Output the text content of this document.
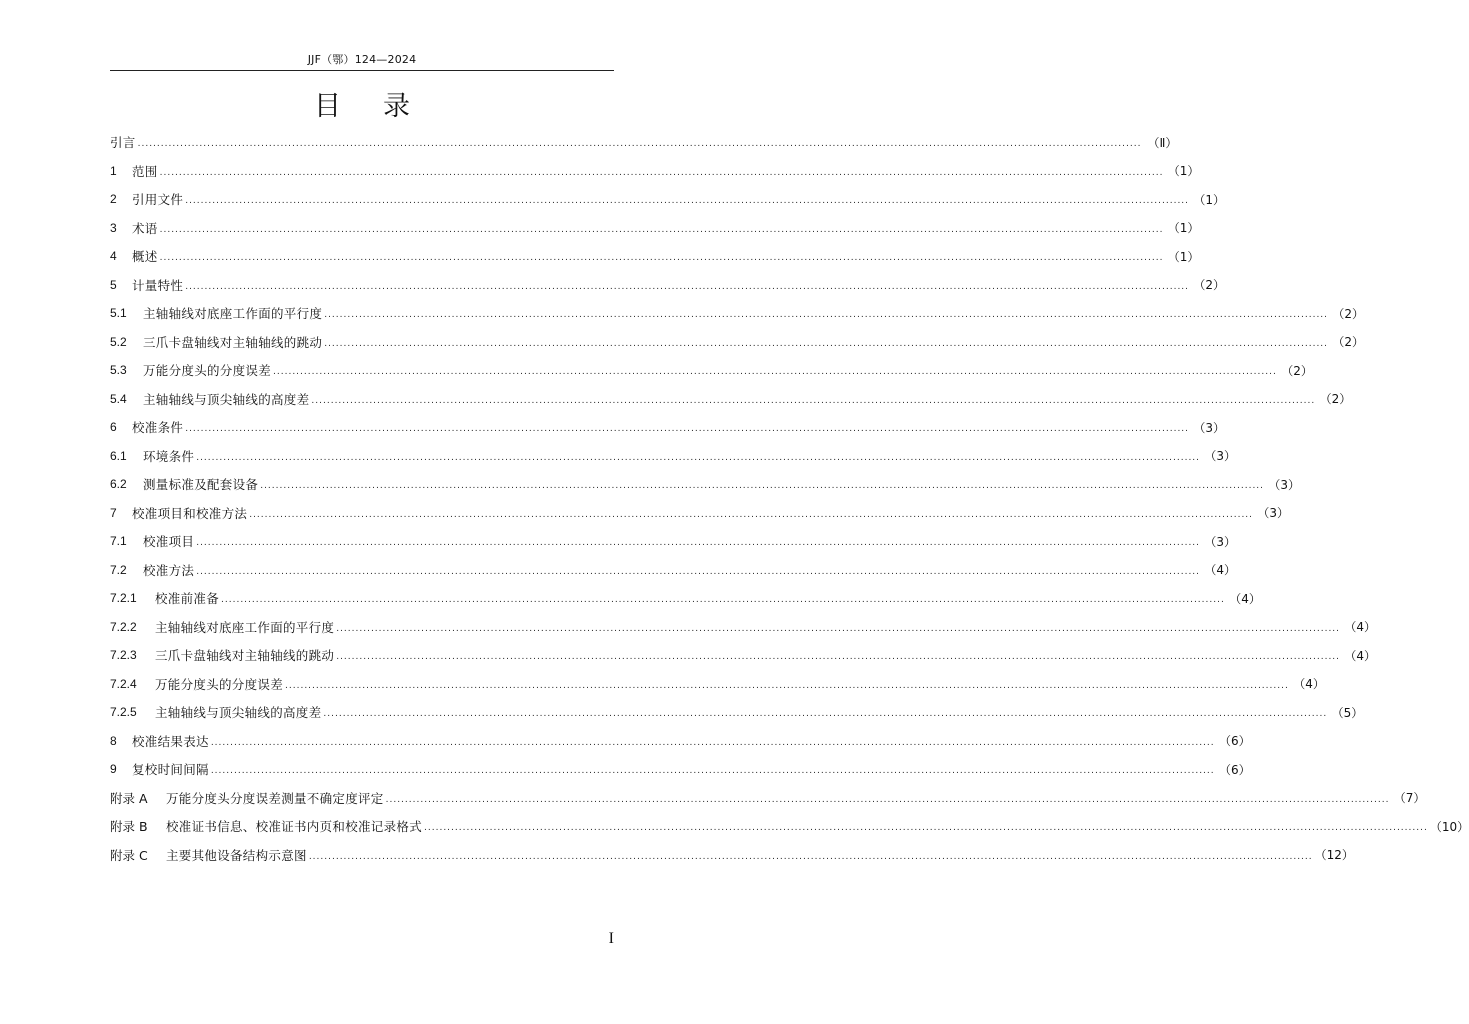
JJF（鄂）124—2024
目 录
引言 .................................................................................................................................................................................................................................................................... （Ⅱ）
1	范围 .................................................................................................................................................................................................................................................................... （1）
2	引用文件 .................................................................................................................................................................................................................................................................... （1）
3	术语 .................................................................................................................................................................................................................................................................... （1）
4	概述 .................................................................................................................................................................................................................................................................... （1）
5	计量特性 .................................................................................................................................................................................................................................................................... （2）
5.1	主轴轴线对底座工作面的平行度 .................................................................................................................................................................................................................................................................... （2）
5.2	三爪卡盘轴线对主轴轴线的跳动 .................................................................................................................................................................................................................................................................... （2）
5.3	万能分度头的分度误差 .................................................................................................................................................................................................................................................................... （2）
5.4	主轴轴线与顶尖轴线的高度差 .................................................................................................................................................................................................................................................................... （2）
6	校准条件 .................................................................................................................................................................................................................................................................... （3）
6.1	环境条件 .................................................................................................................................................................................................................................................................... （3）
6.2	测量标准及配套设备 .................................................................................................................................................................................................................................................................... （3）
7	校准项目和校准方法 .................................................................................................................................................................................................................................................................... （3）
7.1	校准项目 .................................................................................................................................................................................................................................................................... （3）
7.2	校准方法 .................................................................................................................................................................................................................................................................... （4）
7.2.1	校准前准备 .................................................................................................................................................................................................................................................................... （4）
7.2.2	主轴轴线对底座工作面的平行度 .................................................................................................................................................................................................................................................................... （4）
7.2.3	三爪卡盘轴线对主轴轴线的跳动 .................................................................................................................................................................................................................................................................... （4）
7.2.4	万能分度头的分度误差 .................................................................................................................................................................................................................................................................... （4）
7.2.5	主轴轴线与顶尖轴线的高度差 .................................................................................................................................................................................................................................................................... （5）
8	校准结果表达 .................................................................................................................................................................................................................................................................... （6）
9	复校时间间隔 .................................................................................................................................................................................................................................................................... （6）
附录 A	万能分度头分度误差测量不确定度评定 .................................................................................................................................................................................................................................................................... （7）
附录 B	校准证书信息、校准证书内页和校准记录格式 .................................................................................................................................................................................................................................................................... （10）
附录 C	主要其他设备结构示意图 .................................................................................................................................................................................................................................................................... （12）
I
